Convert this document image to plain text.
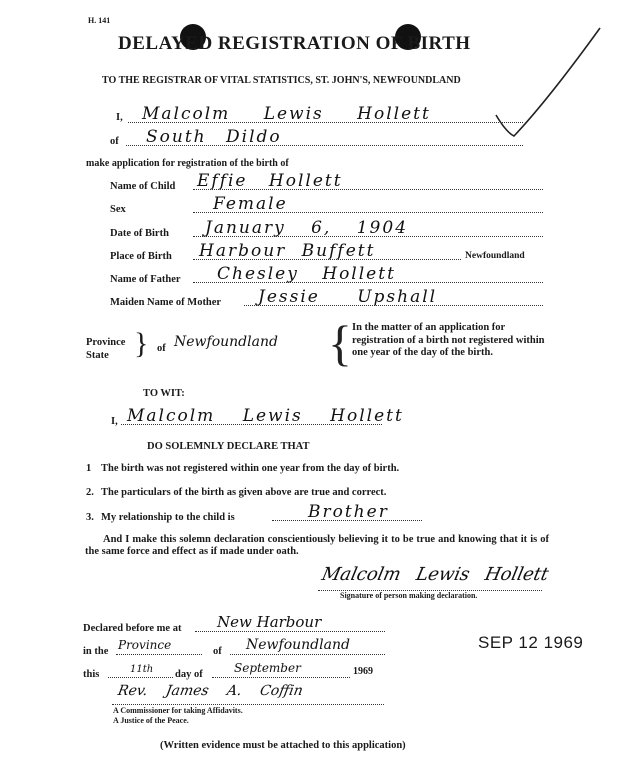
H. 141
DELAYED REGISTRATION OF BIRTH
TO THE REGISTRAR OF VITAL STATISTICS, ST. JOHN'S, NEWFOUNDLAND
I,	Malcolm Lewis Hollett
of	South Dildo
make application for registration of the birth of
Name of Child Effie Hollett
Sex	Female
Date of Birth	January 6, 1904
Place of Birth	Harbour Buffett	Newfoundland
Name of Father	Chesley Hollett
Maiden Name of Mother	Jessie Upshall
Province
State } of Newfoundland { In the matter of an application for registration of a birth not registered within one year of the day of the birth.
TO WIT:
I, Malcolm Lewis Hollett
DO SOLEMNLY DECLARE THAT
1 The birth was not registered within one year from the day of birth.
2. The particulars of the birth as given above are true and correct.
3. My relationship to the child is	Brother
And I make this solemn declaration conscientiously believing it to be true and knowing that it is of the same force and effect as if made under oath.
Malcolm Lewis Hollett
Signature of person making declaration.
Declared before me at	New Harbour
in the Province	of	Newfoundland
this	11th	day of	September	1969
SEP 12 1969
Rev. James A. Coffin
A Commissioner for taking Affidavits.
A Justice of the Peace.
(Written evidence must be attached to this application)
